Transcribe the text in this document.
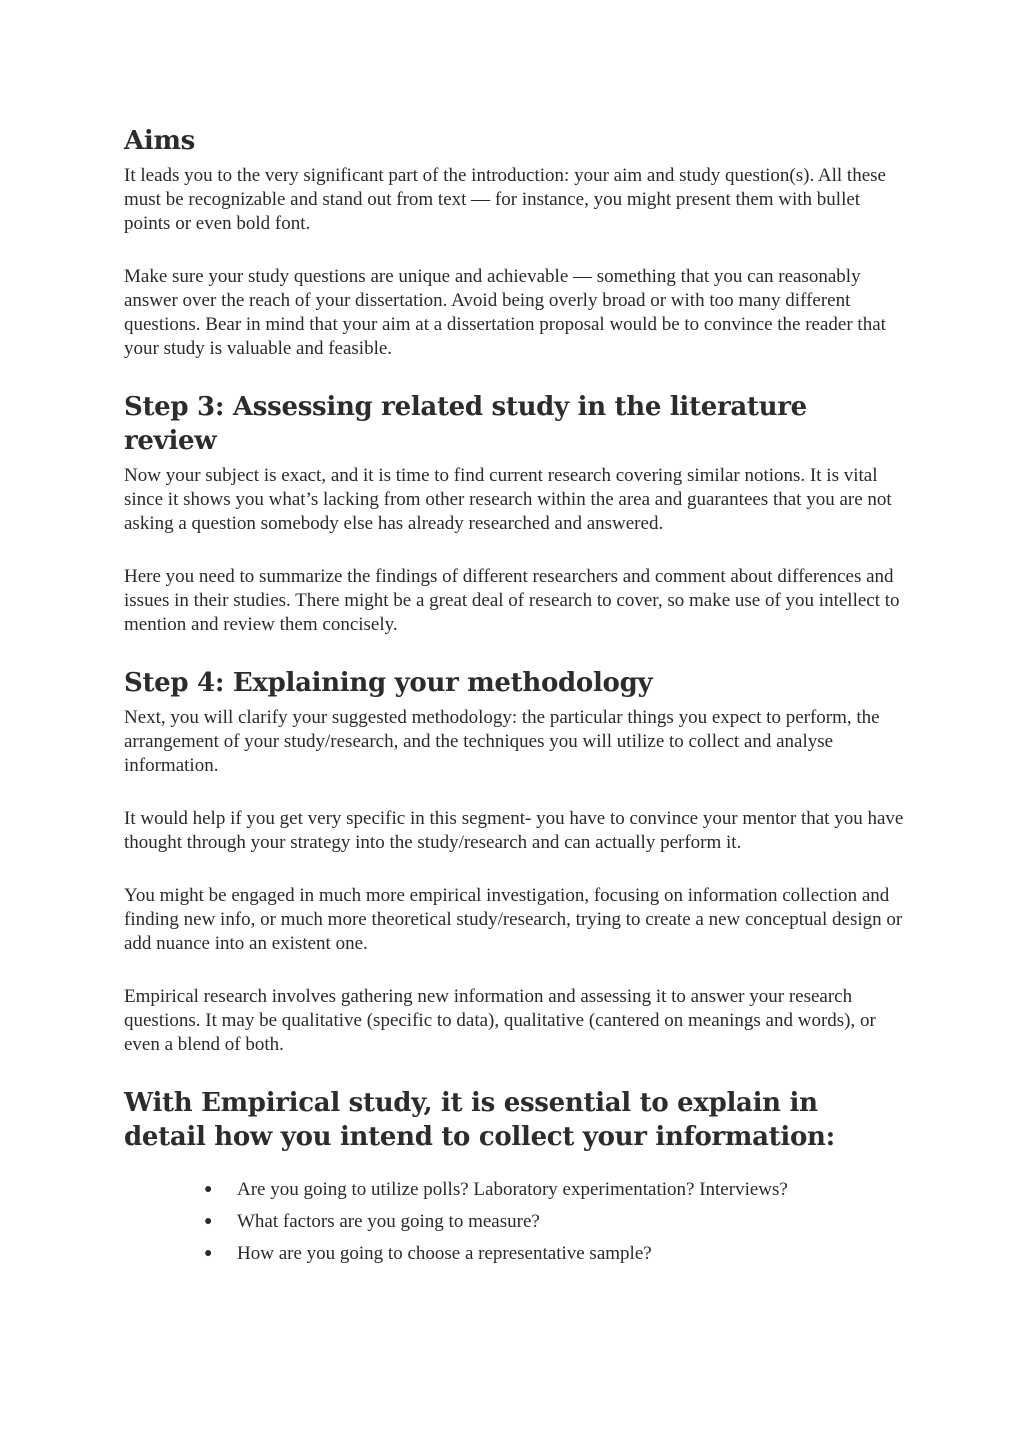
Aims

It leads you to the very significant part of the introduction: your aim and study question(s). All these must be recognizable and stand out from text — for instance, you might present them with bullet points or even bold font.

Make sure your study questions are unique and achievable — something that you can reasonably answer over the reach of your dissertation. Avoid being overly broad or with too many different questions. Bear in mind that your aim at a dissertation proposal would be to convince the reader that your study is valuable and feasible.

Step 3: Assessing related study in the literature review

Now your subject is exact, and it is time to find current research covering similar notions. It is vital since it shows you what’s lacking from other research within the area and guarantees that you are not asking a question somebody else has already researched and answered.

Here you need to summarize the findings of different researchers and comment about differences and issues in their studies. There might be a great deal of research to cover, so make use of you intellect to mention and review them concisely.

Step 4: Explaining your methodology

Next, you will clarify your suggested methodology: the particular things you expect to perform, the arrangement of your study/research, and the techniques you will utilize to collect and analyse information.

It would help if you get very specific in this segment- you have to convince your mentor that you have thought through your strategy into the study/research and can actually perform it.

You might be engaged in much more empirical investigation, focusing on information collection and finding new info, or much more theoretical study/research, trying to create a new conceptual design or add nuance into an existent one.

Empirical research involves gathering new information and assessing it to answer your research questions. It may be qualitative (specific to data), qualitative (cantered on meanings and words), or even a blend of both.

With Empirical study, it is essential to explain in detail how you intend to collect your information:
● Are you going to utilize polls? Laboratory experimentation? Interviews?
● What factors are you going to measure?
● How are you going to choose a representative sample?
